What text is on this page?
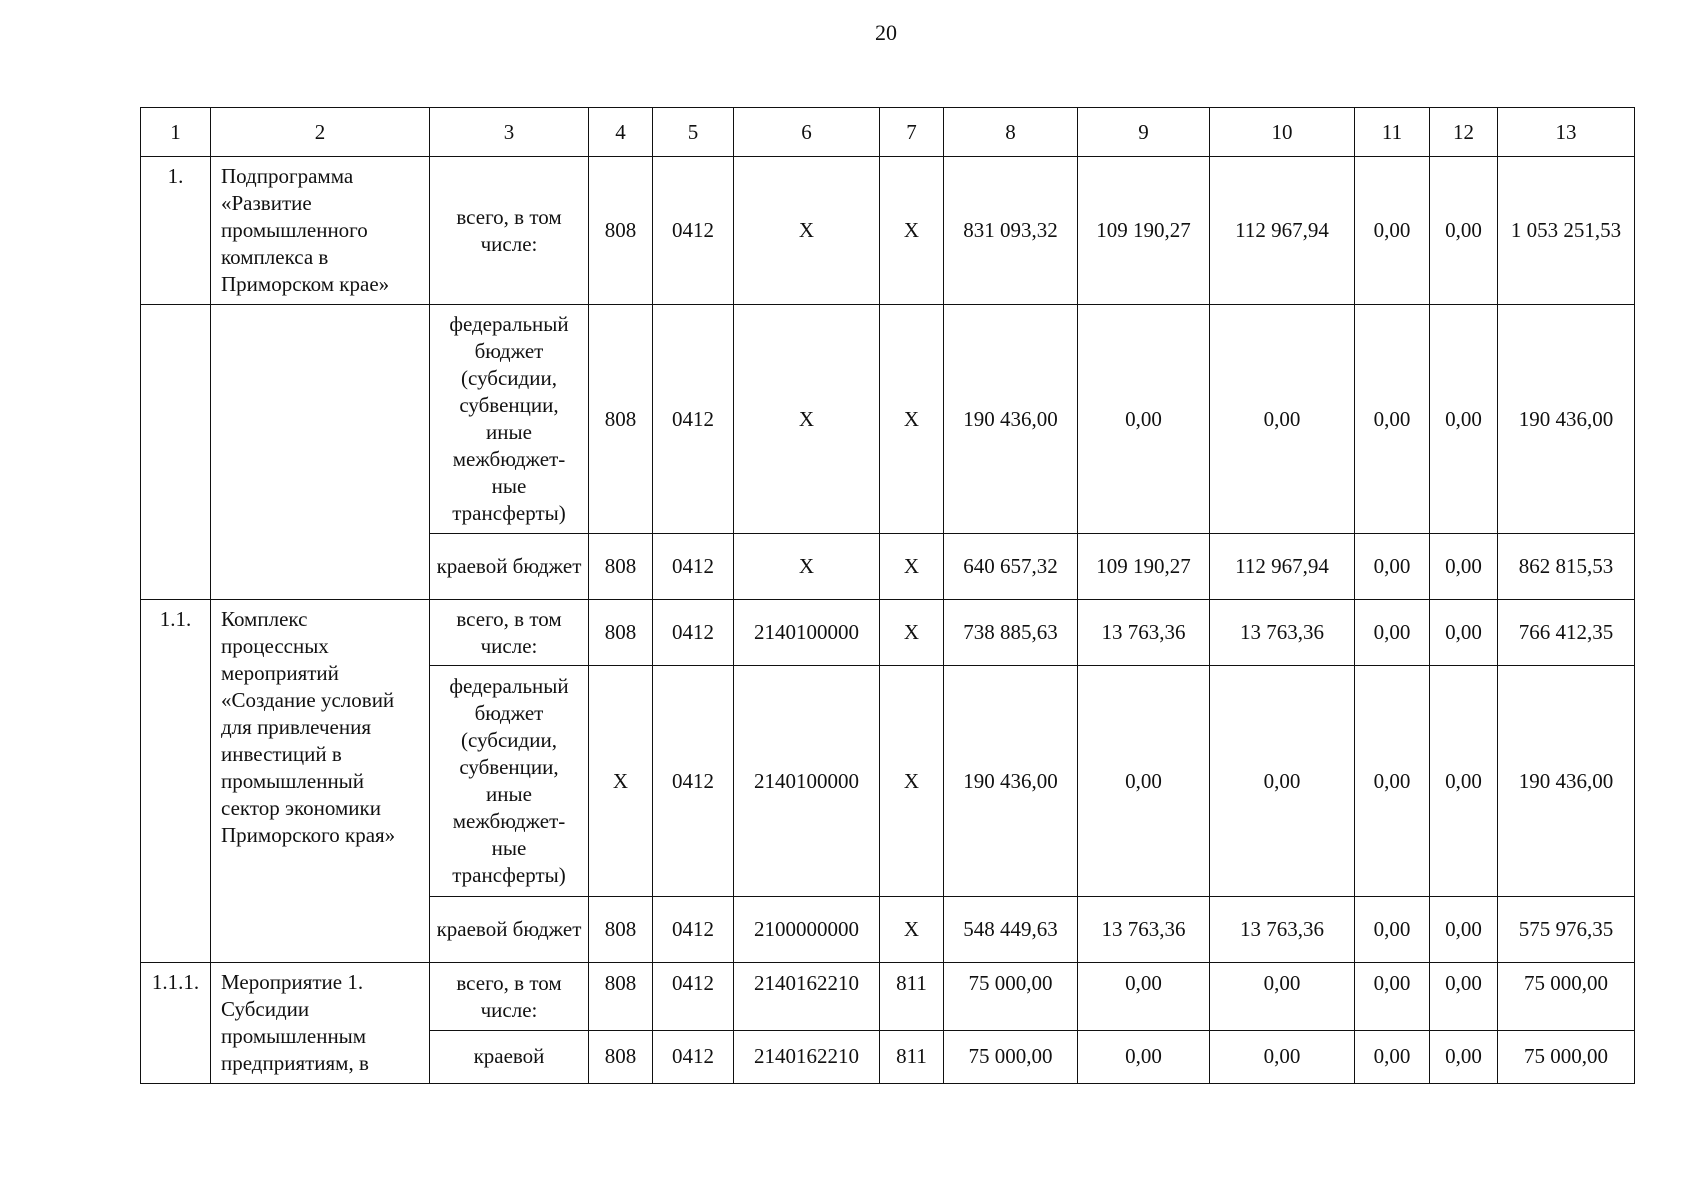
20
1	2	3	4	5	6	7	8	9	10	11	12	13
1.	Подпрограмма «Развитие промышленного комплекса в Приморском крае»	всего, в том числе:	808	0412	Х	Х	831 093,32	109 190,27	112 967,94	0,00	0,00	1 053 251,53
		федеральный бюджет (субсидии, субвенции, иные межбюджет-ные трансферты)	808	0412	Х	Х	190 436,00	0,00	0,00	0,00	0,00	190 436,00
		краевой бюджет	808	0412	Х	Х	640 657,32	109 190,27	112 967,94	0,00	0,00	862 815,53
1.1.	Комплекс процессных мероприятий «Создание условий для привлечения инвестиций в промышленный сектор экономики Приморского края»	всего, в том числе:	808	0412	2140100000	Х	738 885,63	13 763,36	13 763,36	0,00	0,00	766 412,35
		федеральный бюджет (субсидии, субвенции, иные межбюджет-ные трансферты)	Х	0412	2140100000	Х	190 436,00	0,00	0,00	0,00	0,00	190 436,00
		краевой бюджет	808	0412	2100000000	Х	548 449,63	13 763,36	13 763,36	0,00	0,00	575 976,35
1.1.1.	Мероприятие 1. Субсидии промышленным предприятиям, в	всего, в том числе:	808	0412	2140162210	811	75 000,00	0,00	0,00	0,00	0,00	75 000,00
		краевой	808	0412	2140162210	811	75 000,00	0,00	0,00	0,00	0,00	75 000,00
